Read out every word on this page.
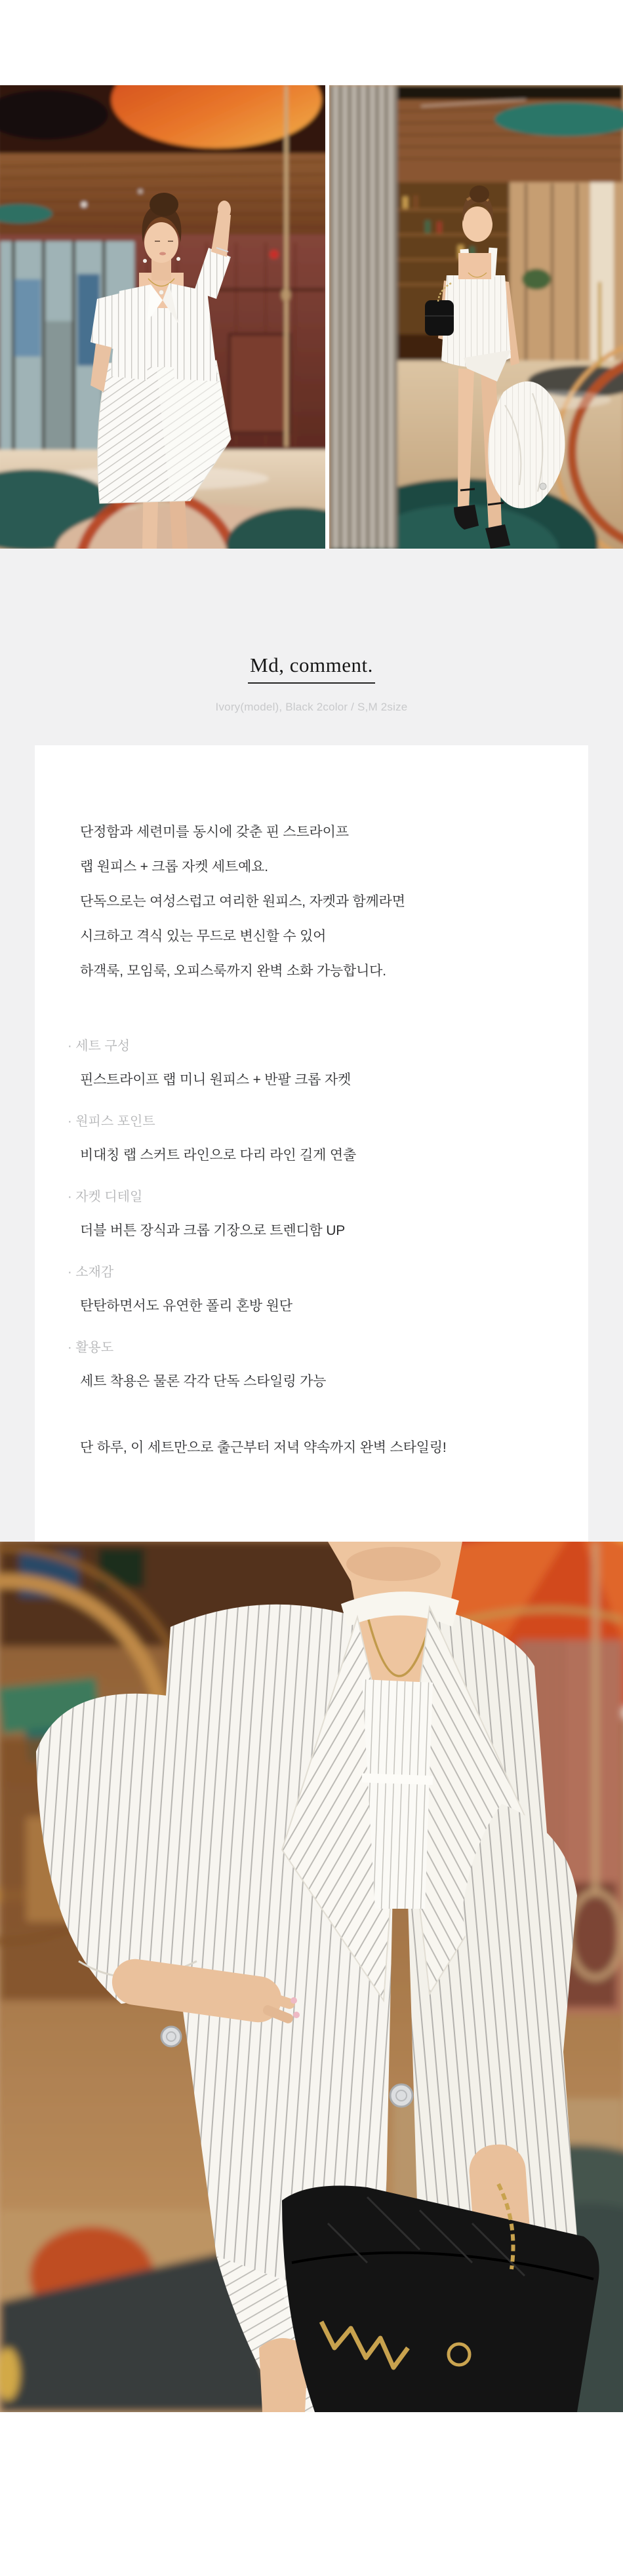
Md, comment.
Ivory(model), Black 2color / S,M 2size
단정함과 세련미를 동시에 갖춘 핀 스트라이프
랩 원피스 + 크롭 자켓 세트예요.
단독으로는 여성스럽고 여리한 원피스, 자켓과 함께라면
시크하고 격식 있는 무드로 변신할 수 있어
하객룩, 모임룩, 오피스룩까지 완벽 소화 가능합니다.
· 세트 구성
핀스트라이프 랩 미니 원피스 + 반팔 크롭 자켓
· 원피스 포인트
비대칭 랩 스커트 라인으로 다리 라인 길게 연출
· 자켓 디테일
더블 버튼 장식과 크롭 기장으로 트렌디함 UP
· 소재감
탄탄하면서도 유연한 폴리 혼방 원단
· 활용도
세트 착용은 물론 각각 단독 스타일링 가능
단 하루, 이 세트만으로 출근부터 저녁 약속까지 완벽 스타일링!
